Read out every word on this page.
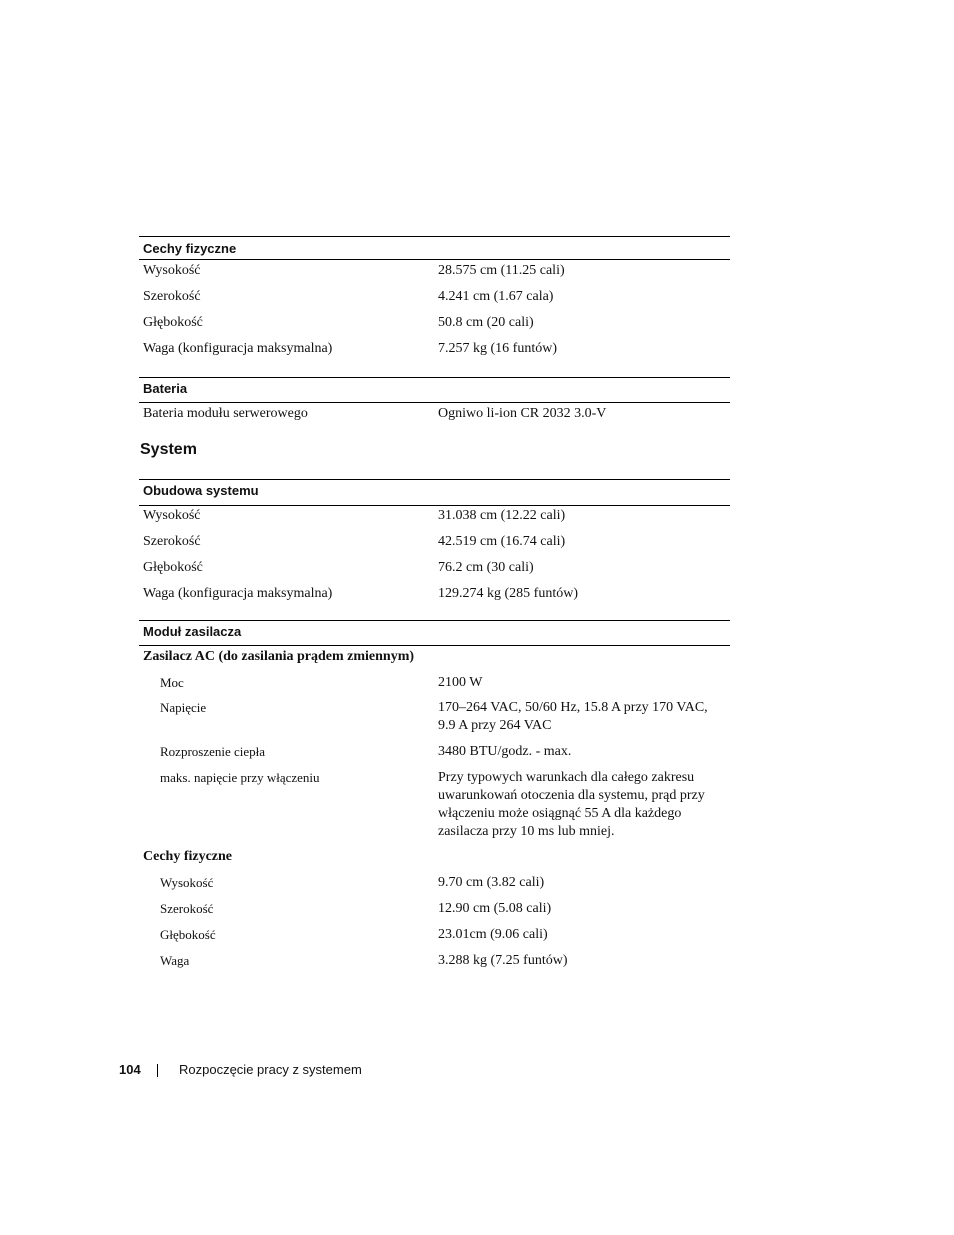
Cechy fizyczne
Wysokość	28.575 cm (11.25 cali)
Szerokość	4.241 cm (1.67 cala)
Głębokość	50.8 cm (20 cali)
Waga (konfiguracja maksymalna)	7.257 kg (16 funtów)
Bateria
Bateria modułu serwerowego	Ogniwo li-ion CR 2032 3.0-V
System
Obudowa systemu
Wysokość	31.038 cm (12.22 cali)
Szerokość	42.519 cm (16.74 cali)
Głębokość	76.2 cm (30 cali)
Waga (konfiguracja maksymalna)	129.274 kg (285 funtów)
Moduł zasilacza
Zasilacz AC (do zasilania prądem zmiennym)
Moc	2100 W
Napięcie	170–264 VAC, 50/60 Hz, 15.8 A przy 170 VAC, 9.9 A przy 264 VAC
Rozproszenie ciepła	3480 BTU/godz. - max.
maks. napięcie przy włączeniu	Przy typowych warunkach dla całego zakresu uwarunkowań otoczenia dla systemu, prąd przy włączeniu może osiągnąć 55 A dla każdego zasilacza przy 10 ms lub mniej.
Cechy fizyczne
Wysokość	9.70 cm (3.82 cali)
Szerokość	12.90 cm (5.08 cali)
Głębokość	23.01cm (9.06 cali)
Waga	3.288 kg (7.25 funtów)
104	Rozpoczęcie pracy z systemem
